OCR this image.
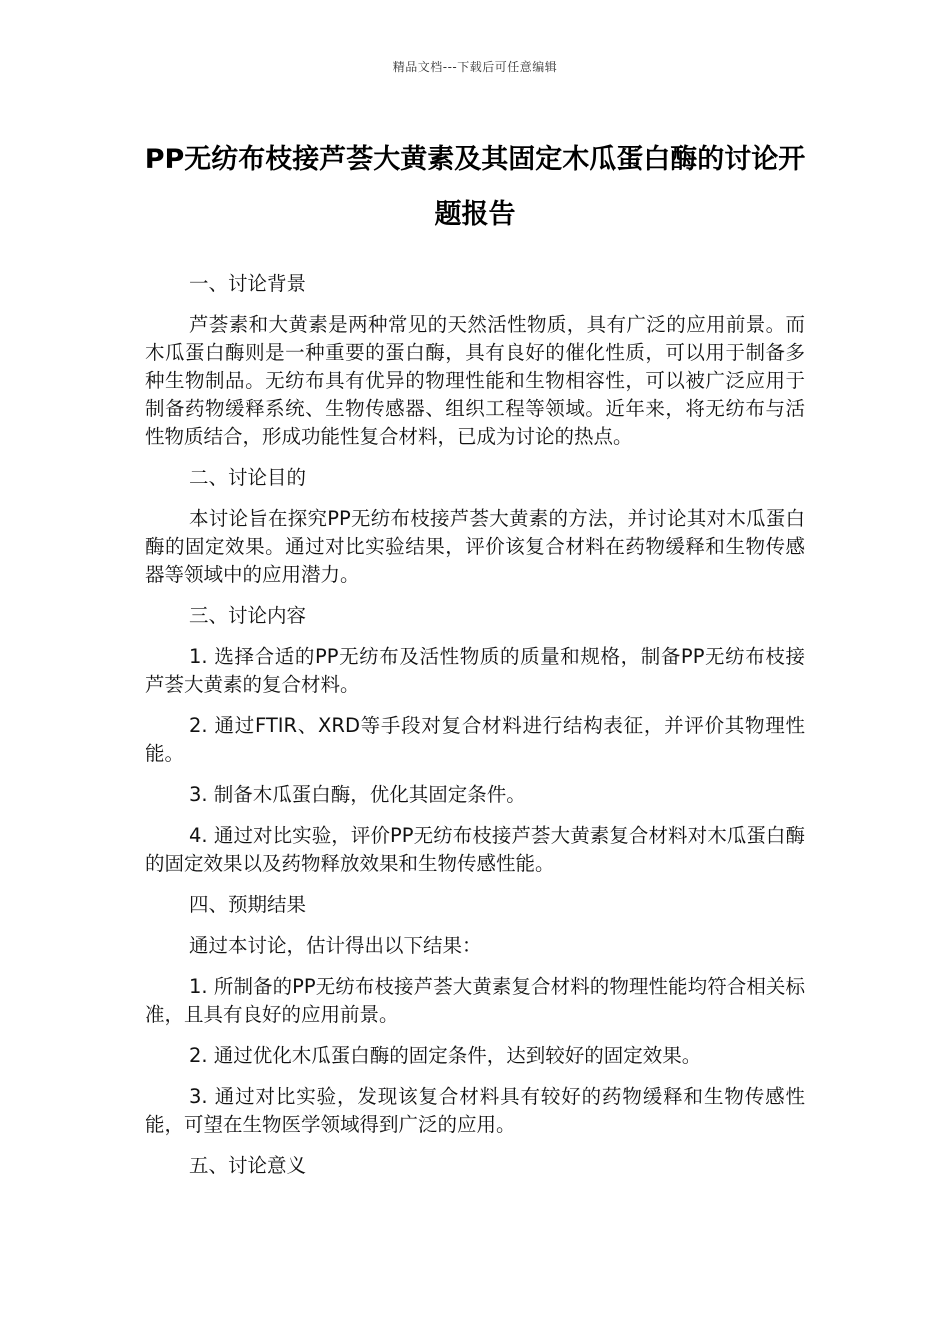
精品文档---下载后可任意编辑
PP无纺布枝接芦荟大黄素及其固定木瓜蛋白酶的讨论开题报告

一、讨论背景

芦荟素和大黄素是两种常见的天然活性物质，具有广泛的应用前景。而木瓜蛋白酶则是一种重要的蛋白酶，具有良好的催化性质，可以用于制备多种生物制品。无纺布具有优异的物理性能和生物相容性，可以被广泛应用于制备药物缓释系统、生物传感器、组织工程等领域。近年来，将无纺布与活性物质结合，形成功能性复合材料，已成为讨论的热点。

二、讨论目的

本讨论旨在探究PP无纺布枝接芦荟大黄素的方法，并讨论其对木瓜蛋白酶的固定效果。通过对比实验结果，评价该复合材料在药物缓释和生物传感器等领域中的应用潜力。

三、讨论内容

1. 选择合适的PP无纺布及活性物质的质量和规格，制备PP无纺布枝接芦荟大黄素的复合材料。

2. 通过FTIR、XRD等手段对复合材料进行结构表征，并评价其物理性能。

3. 制备木瓜蛋白酶，优化其固定条件。

4. 通过对比实验，评价PP无纺布枝接芦荟大黄素复合材料对木瓜蛋白酶的固定效果以及药物释放效果和生物传感性能。

四、预期结果

通过本讨论，估计得出以下结果：

1. 所制备的PP无纺布枝接芦荟大黄素复合材料的物理性能均符合相关标准，且具有良好的应用前景。

2. 通过优化木瓜蛋白酶的固定条件，达到较好的固定效果。

3. 通过对比实验，发现该复合材料具有较好的药物缓释和生物传感性能，可望在生物医学领域得到广泛的应用。

五、讨论意义
